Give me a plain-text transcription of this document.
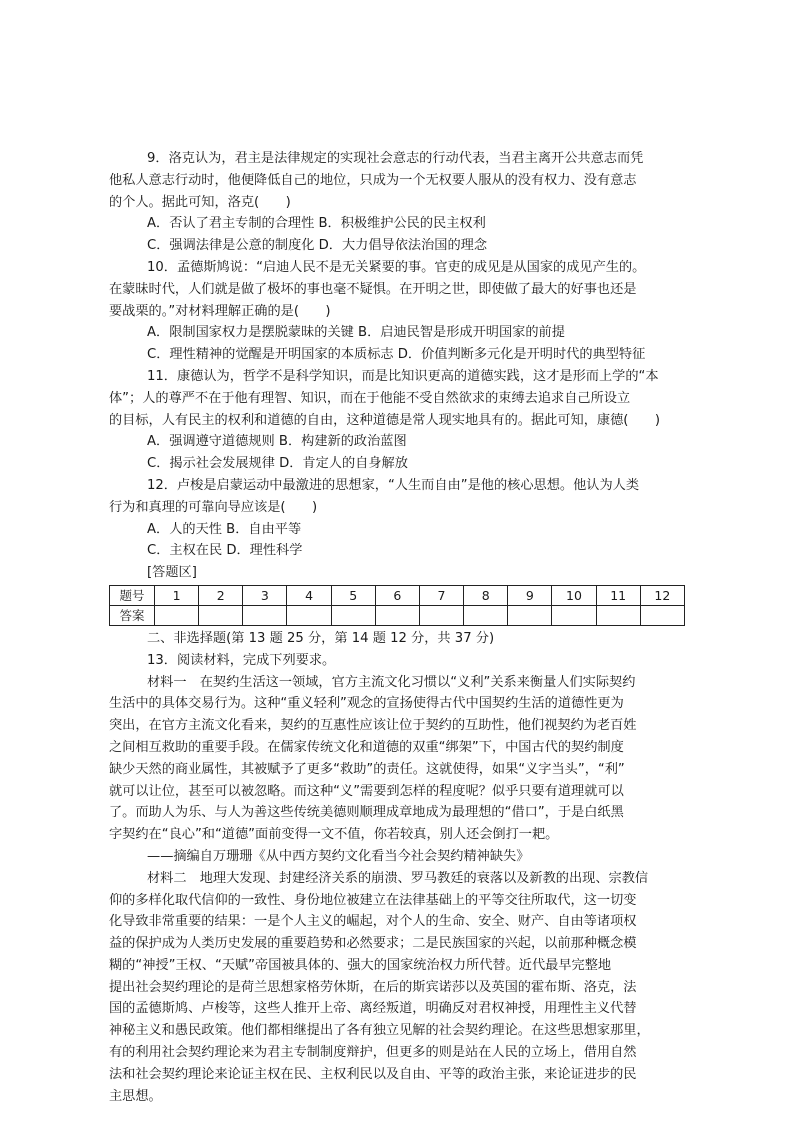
9．洛克认为，君主是法律规定的实现社会意志的行动代表，当君主离开公共意志而凭

他私人意志行动时，他便降低自己的地位，只成为一个无权要人服从的没有权力、没有意志

的个人。据此可知，洛克(　　)

A．否认了君主专制的合理性 B．积极维护公民的民主权利

C．强调法律是公意的制度化 D．大力倡导依法治国的理念

10．孟德斯鸠说：“启迪人民不是无关紧要的事。官吏的成见是从国家的成见产生的。

在蒙昧时代，人们就是做了极坏的事也毫不疑惧。在开明之世，即使做了最大的好事也还是

要战栗的。”对材料理解正确的是(　　)

A．限制国家权力是摆脱蒙昧的关键 B．启迪民智是形成开明国家的前提

C．理性精神的觉醒是开明国家的本质标志 D．价值判断多元化是开明时代的典型特征

11．康德认为，哲学不是科学知识，而是比知识更高的道德实践，这才是形而上学的“本

体”；人的尊严不在于他有理智、知识，而在于他能不受自然欲求的束缚去追求自己所设立

的目标，人有民主的权利和道德的自由，这种道德是常人现实地具有的。据此可知，康德(　　)

A．强调遵守道德规则 B．构建新的政治蓝图

C．揭示社会发展规律 D．肯定人的自身解放

12．卢梭是启蒙运动中最激进的思想家，“人生而自由”是他的核心思想。他认为人类

行为和真理的可靠向导应该是(　　)

A．人的天性 B．自由平等

C．主权在民 D．理性科学

[答题区]

题号	1	2	3	4	5	6	7	8	9	10	11	12
答案												

二、非选择题(第 13 题 25 分，第 14 题 12 分，共 37 分)

13．阅读材料，完成下列要求。

材料一　在契约生活这一领域，官方主流文化习惯以“义利”关系来衡量人们实际契约

生活中的具体交易行为。这种“重义轻利”观念的宣扬使得古代中国契约生活的道德性更为

突出，在官方主流文化看来，契约的互惠性应该让位于契约的互助性，他们视契约为老百姓

之间相互救助的重要手段。在儒家传统文化和道德的双重“绑架”下，中国古代的契约制度

缺少天然的商业属性，其被赋予了更多“救助”的责任。这就使得，如果“义字当头”，“利”

就可以让位，甚至可以被忽略。而这种“义”需要到怎样的程度呢？似乎只要有道理就可以

了。而助人为乐、与人为善这些传统美德则顺理成章地成为最理想的“借口”，于是白纸黑

字契约在“良心”和“道德”面前变得一文不值，你若较真，别人还会倒打一耙。

——摘编自万珊珊《从中西方契约文化看当今社会契约精神缺失》

材料二　地理大发现、封建经济关系的崩溃、罗马教廷的衰落以及新教的出现、宗教信

仰的多样化取代信仰的一致性、身份地位被建立在法律基础上的平等交往所取代，这一切变

化导致非常重要的结果：一是个人主义的崛起，对个人的生命、安全、财产、自由等诸项权

益的保护成为人类历史发展的重要趋势和必然要求；二是民族国家的兴起，以前那种概念模

糊的“神授”王权、“天赋”帝国被具体的、强大的国家统治权力所代替。近代最早完整地

提出社会契约理论的是荷兰思想家格劳休斯，在后的斯宾诺莎以及英国的霍布斯、洛克，法

国的孟德斯鸠、卢梭等，这些人推开上帝、离经叛道，明确反对君权神授，用理性主义代替

神秘主义和愚民政策。他们都相继提出了各有独立见解的社会契约理论。在这些思想家那里，

有的利用社会契约理论来为君主专制制度辩护，但更多的则是站在人民的立场上，借用自然

法和社会契约理论来论证主权在民、主权利民以及自由、平等的政治主张，来论证进步的民

主思想。
